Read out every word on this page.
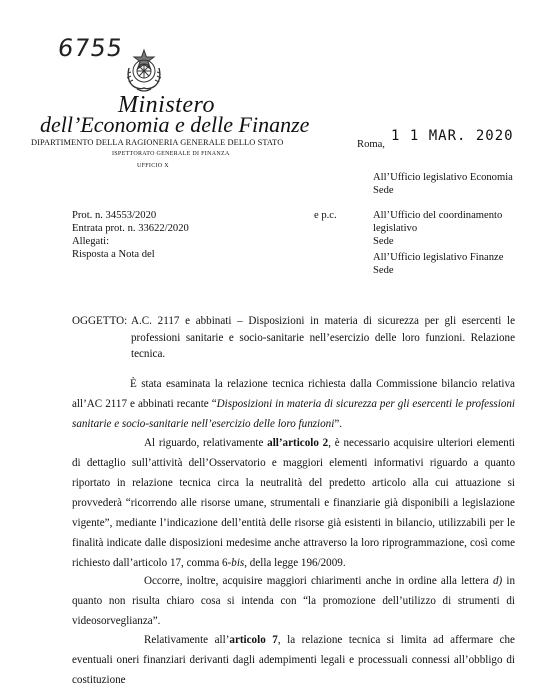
6755
Ministero
dell’Economia e delle Finanze
DIPARTIMENTO DELLA RAGIONERIA GENERALE DELLO STATO
ISPETTORATO GENERALE DI FINANZA
UFFICIO X
Roma,
1 1 MAR. 2020
All’Ufficio legislativo Economia
Sede
e p.c.	All’Ufficio del coordinamento legislativo
Sede
All’Ufficio legislativo Finanze
Sede
Prot. n. 34553/2020
Entrata prot. n. 33622/2020
Allegati:
Risposta a Nota del
OGGETTO: A.C. 2117 e abbinati – Disposizioni in materia di sicurezza per gli esercenti le professioni sanitarie e socio-sanitarie nell’esercizio delle loro funzioni. Relazione tecnica.
È stata esaminata la relazione tecnica richiesta dalla Commissione bilancio relativa all’AC 2117 e abbinati recante “Disposizioni in materia di sicurezza per gli esercenti le professioni sanitarie e socio-sanitarie nell’esercizio delle loro funzioni”.
Al riguardo, relativamente all’articolo 2, è necessario acquisire ulteriori elementi di dettaglio sull’attività dell’Osservatorio e maggiori elementi informativi riguardo a quanto riportato in relazione tecnica circa la neutralità del predetto articolo alla cui attuazione si provvederà “ricorrendo alle risorse umane, strumentali e finanziarie già disponibili a legislazione vigente”, mediante l’indicazione dell’entità delle risorse già esistenti in bilancio, utilizzabili per le finalità indicate dalle disposizioni medesime anche attraverso la loro riprogrammazione, così come richiesto dall’articolo 17, comma 6-bis, della legge 196/2009.
Occorre, inoltre, acquisire maggiori chiarimenti anche in ordine alla lettera d) in quanto non risulta chiaro cosa si intenda con “la promozione dell’utilizzo di strumenti di videosorveglianza”.
Relativamente all’articolo 7, la relazione tecnica si limita ad affermare che eventuali oneri finanziari derivanti dagli adempimenti legali e processuali connessi all’obbligo di costituzione
